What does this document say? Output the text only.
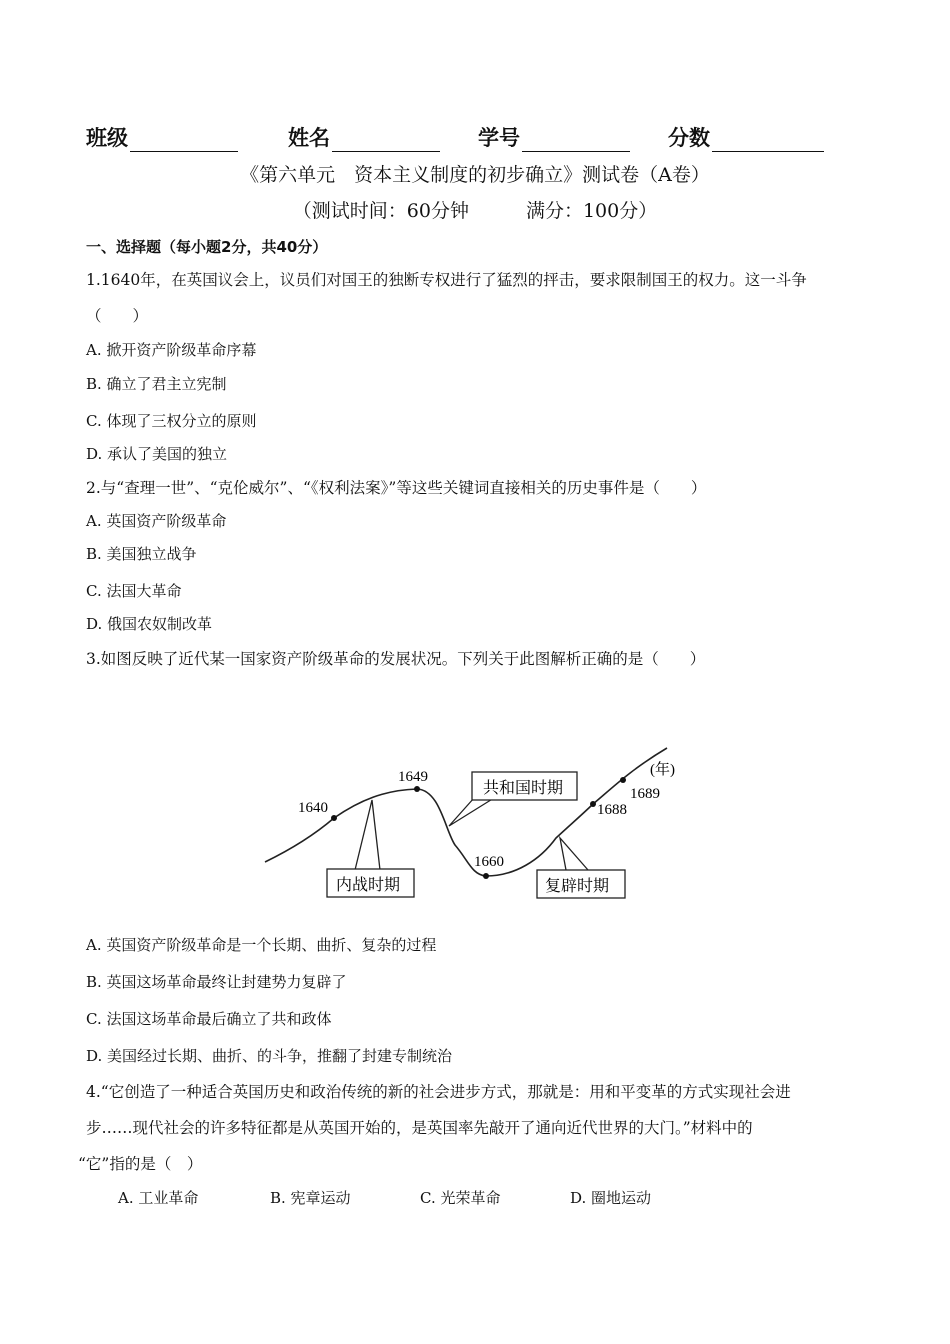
班级	姓名	学号	分数
《第六单元　资本主义制度的初步确立》测试卷（A卷）
（测试时间：60分钟　　　满分：100分）
一、选择题（每小题2分，共40分）
1.1640年，在英国议会上，议员们对国王的独断专权进行了猛烈的抨击，要求限制国王的权力。这一斗争
（　　）
A. 掀开资产阶级革命序幕
B. 确立了君主立宪制
C. 体现了三权分立的原则
D. 承认了美国的独立
2.与“查理一世”、“克伦威尔”、“《权利法案》”等这些关键词直接相关的历史事件是（　　）
A. 英国资产阶级革命
B. 美国独立战争
C. 法国大革命
D. 俄国农奴制改革
3.如图反映了近代某一国家资产阶级革命的发展状况。下列关于此图解析正确的是（　　）
1640
1649
1660
1688
1689
(年)
内战时期
共和国时期
复辟时期
A. 英国资产阶级革命是一个长期、曲折、复杂的过程
B. 英国这场革命最终让封建势力复辟了
C. 法国这场革命最后确立了共和政体
D. 美国经过长期、曲折、的斗争，推翻了封建专制统治
4.“它创造了一种适合英国历史和政治传统的新的社会进步方式，那就是：用和平变革的方式实现社会进
步……现代社会的许多特征都是从英国开始的，是英国率先敲开了通向近代世界的大门。”材料中的
“它”指的是（　）
A. 工业革命	B. 宪章运动	C. 光荣革命	D. 圈地运动
